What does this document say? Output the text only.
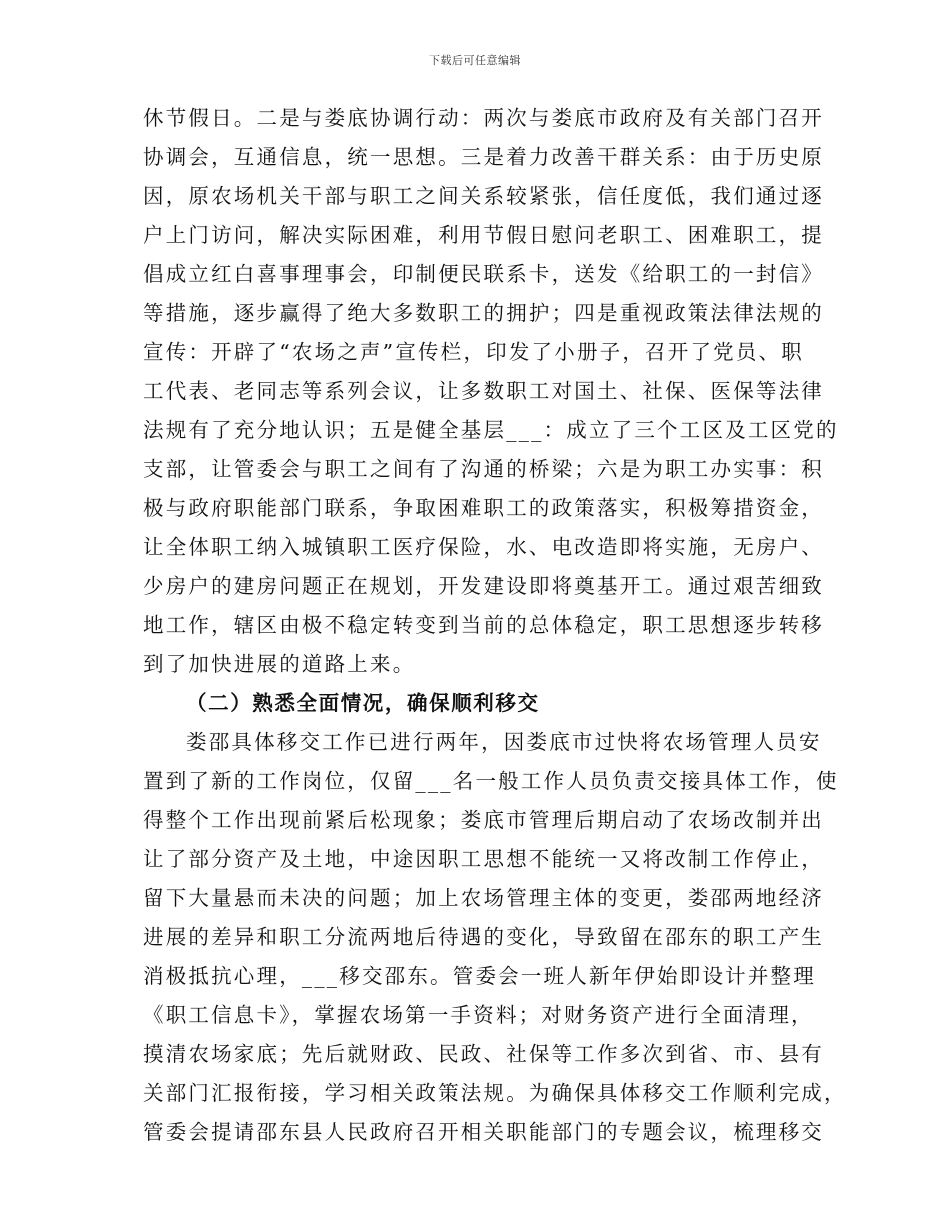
下载后可任意编辑
休节假日。二是与娄底协调行动：两次与娄底市政府及有关部门召开
协调会，互通信息，统一思想。三是着力改善干群关系：由于历史原
因，原农场机关干部与职工之间关系较紧张，信任度低，我们通过逐
户上门访问，解决实际困难，利用节假日慰问老职工、困难职工，提
倡成立红白喜事理事会，印制便民联系卡，送发《给职工的一封信》
等措施，逐步赢得了绝大多数职工的拥护；四是重视政策法律法规的
宣传：开辟了“农场之声”宣传栏，印发了小册子，召开了党员、职
工代表、老同志等系列会议，让多数职工对国土、社保、医保等法律
法规有了充分地认识；五是健全基层___：成立了三个工区及工区党的
支部，让管委会与职工之间有了沟通的桥梁；六是为职工办实事：积
极与政府职能部门联系，争取困难职工的政策落实，积极筹措资金，
让全体职工纳入城镇职工医疗保险，水、电改造即将实施，无房户、
少房户的建房问题正在规划，开发建设即将奠基开工。通过艰苦细致
地工作，辖区由极不稳定转变到当前的总体稳定，职工思想逐步转移
到了加快进展的道路上来。
（二）熟悉全面情况，确保顺利移交
娄邵具体移交工作已进行两年，因娄底市过快将农场管理人员安
置到了新的工作岗位，仅留___名一般工作人员负责交接具体工作，使
得整个工作出现前紧后松现象；娄底市管理后期启动了农场改制并出
让了部分资产及土地，中途因职工思想不能统一又将改制工作停止，
留下大量悬而未决的问题；加上农场管理主体的变更，娄邵两地经济
进展的差异和职工分流两地后待遇的变化，导致留在邵东的职工产生
消极抵抗心理，___移交邵东。管委会一班人新年伊始即设计并整理
《职工信息卡》，掌握农场第一手资料；对财务资产进行全面清理，
摸清农场家底；先后就财政、民政、社保等工作多次到省、市、县有
关部门汇报衔接，学习相关政策法规。为确保具体移交工作顺利完成，
管委会提请邵东县人民政府召开相关职能部门的专题会议，梳理移交
